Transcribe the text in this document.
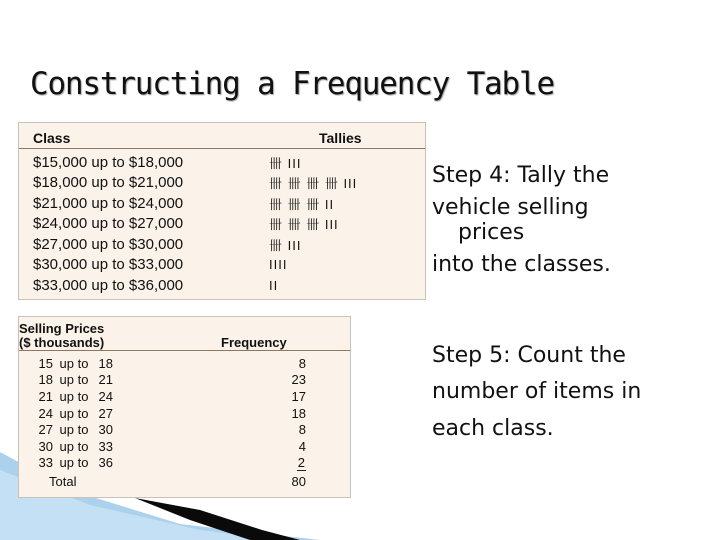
Constructing a Frequency Table
Class	Tallies

$15,000 up to $18,000	卌 III
$18,000 up to $21,000	卌 卌 卌 卌 III
$21,000 up to $24,000	卌 卌 卌 II
$24,000 up to $27,000	卌 卌 卌 III
$27,000 up to $30,000	卌 III
$30,000 up to $33,000	IIII
$33,000 up to $36,000	II
Selling Prices
($ thousands)	Frequency

15 up to 18	8
18 up to 21	23
21 up to 24	17
24 up to 27	18
27 up to 30	8
30 up to 33	4
33 up to 36	2
Total	80
Step 4: Tally the
vehicle selling
prices
into the classes.
Step 5: Count the
number of items in
each class.
